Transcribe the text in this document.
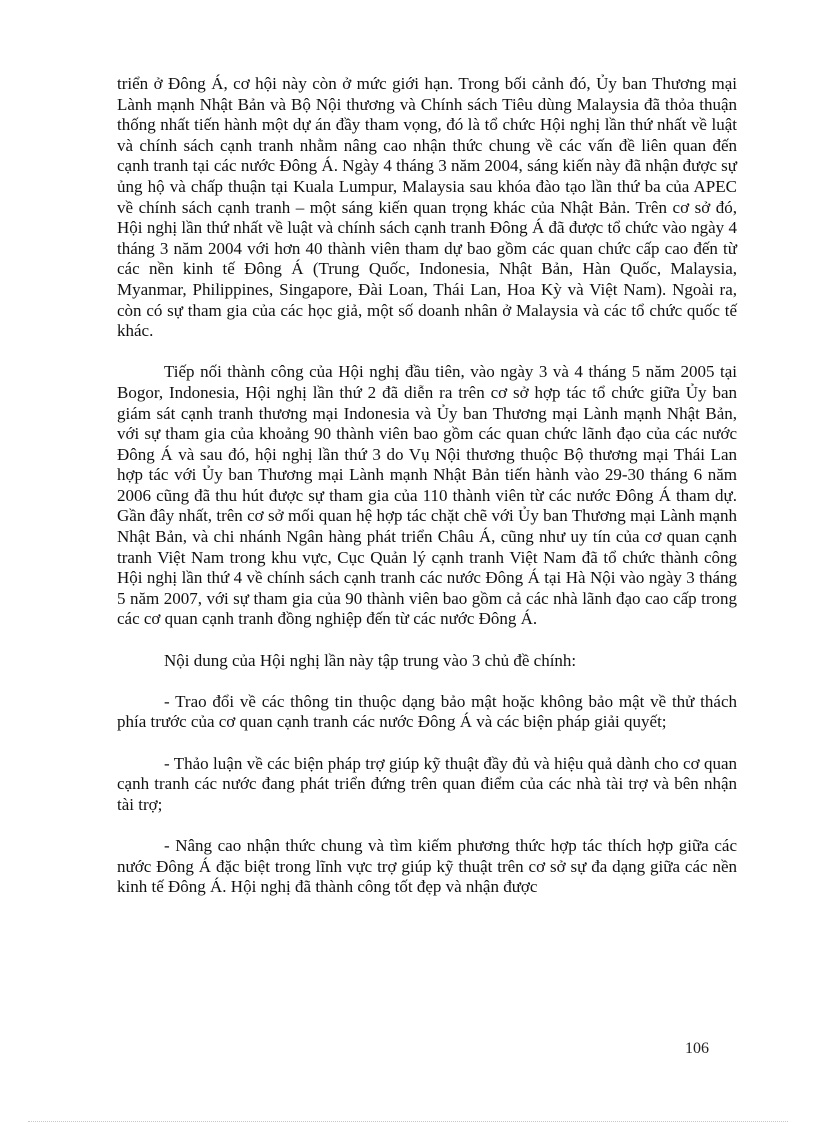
triển ở Đông Á, cơ hội này còn ở mức giới hạn. Trong bối cảnh đó, Ủy ban Thương mại Lành mạnh Nhật Bản và Bộ Nội thương và Chính sách Tiêu dùng Malaysia đã thỏa thuận thống nhất tiến hành một dự án đầy tham vọng, đó là tổ chức Hội nghị lần thứ nhất về luật và chính sách cạnh tranh nhằm nâng cao nhận thức chung về các vấn đề liên quan đến cạnh tranh tại các nước Đông Á. Ngày 4 tháng 3 năm 2004, sáng kiến này đã nhận được sự ủng hộ và chấp thuận tại Kuala Lumpur, Malaysia sau khóa đào tạo lần thứ ba của APEC về chính sách cạnh tranh – một sáng kiến quan trọng khác của Nhật Bản. Trên cơ sở đó, Hội nghị lần thứ nhất về luật và chính sách cạnh tranh Đông Á đã được tổ chức vào ngày 4 tháng 3 năm 2004 với hơn 40 thành viên tham dự bao gồm các quan chức cấp cao đến từ các nền kinh tế Đông Á (Trung Quốc, Indonesia, Nhật Bản, Hàn Quốc, Malaysia, Myanmar, Philippines, Singapore, Đài Loan, Thái Lan, Hoa Kỳ và Việt Nam). Ngoài ra, còn có sự tham gia của các học giả, một số doanh nhân ở Malaysia và các tổ chức quốc tế khác.

Tiếp nối thành công của Hội nghị đầu tiên, vào ngày 3 và 4 tháng 5 năm 2005 tại Bogor, Indonesia, Hội nghị lần thứ 2 đã diễn ra trên cơ sở hợp tác tổ chức giữa Ủy ban giám sát cạnh tranh thương mại Indonesia và Ủy ban Thương mại Lành mạnh Nhật Bản, với sự tham gia của khoảng 90 thành viên bao gồm các quan chức lãnh đạo của các nước Đông Á và sau đó, hội nghị lần thứ 3 do Vụ Nội thương thuộc Bộ thương mại Thái Lan hợp tác với Ủy ban Thương mại Lành mạnh Nhật Bản tiến hành vào 29-30 tháng 6 năm 2006 cũng đã thu hút được sự tham gia của 110 thành viên từ các nước Đông Á tham dự. Gần đây nhất, trên cơ sở mối quan hệ hợp tác chặt chẽ với Ủy ban Thương mại Lành mạnh Nhật Bản, và chi nhánh Ngân hàng phát triển Châu Á, cũng như uy tín của cơ quan cạnh tranh Việt Nam trong khu vực, Cục Quản lý cạnh tranh Việt Nam đã tổ chức thành công Hội nghị lần thứ 4 về chính sách cạnh tranh các nước Đông Á tại Hà Nội vào ngày 3 tháng 5 năm 2007, với sự tham gia của 90 thành viên bao gồm cả các nhà lãnh đạo cao cấp trong các cơ quan cạnh tranh đồng nghiệp đến từ các nước Đông Á.

Nội dung của Hội nghị lần này tập trung vào 3 chủ đề chính:

- Trao đổi về các thông tin thuộc dạng bảo mật hoặc không bảo mật về thử thách phía trước của cơ quan cạnh tranh các nước Đông Á và các biện pháp giải quyết;

- Thảo luận về các biện pháp trợ giúp kỹ thuật đầy đủ và hiệu quả dành cho cơ quan cạnh tranh các nước đang phát triển đứng trên quan điểm của các nhà tài trợ và bên nhận tài trợ;

- Nâng cao nhận thức chung và tìm kiếm phương thức hợp tác thích hợp giữa các nước Đông Á đặc biệt trong lĩnh vực trợ giúp kỹ thuật trên cơ sở sự đa dạng giữa các nền kinh tế Đông Á. Hội nghị đã thành công tốt đẹp và nhận được

106
